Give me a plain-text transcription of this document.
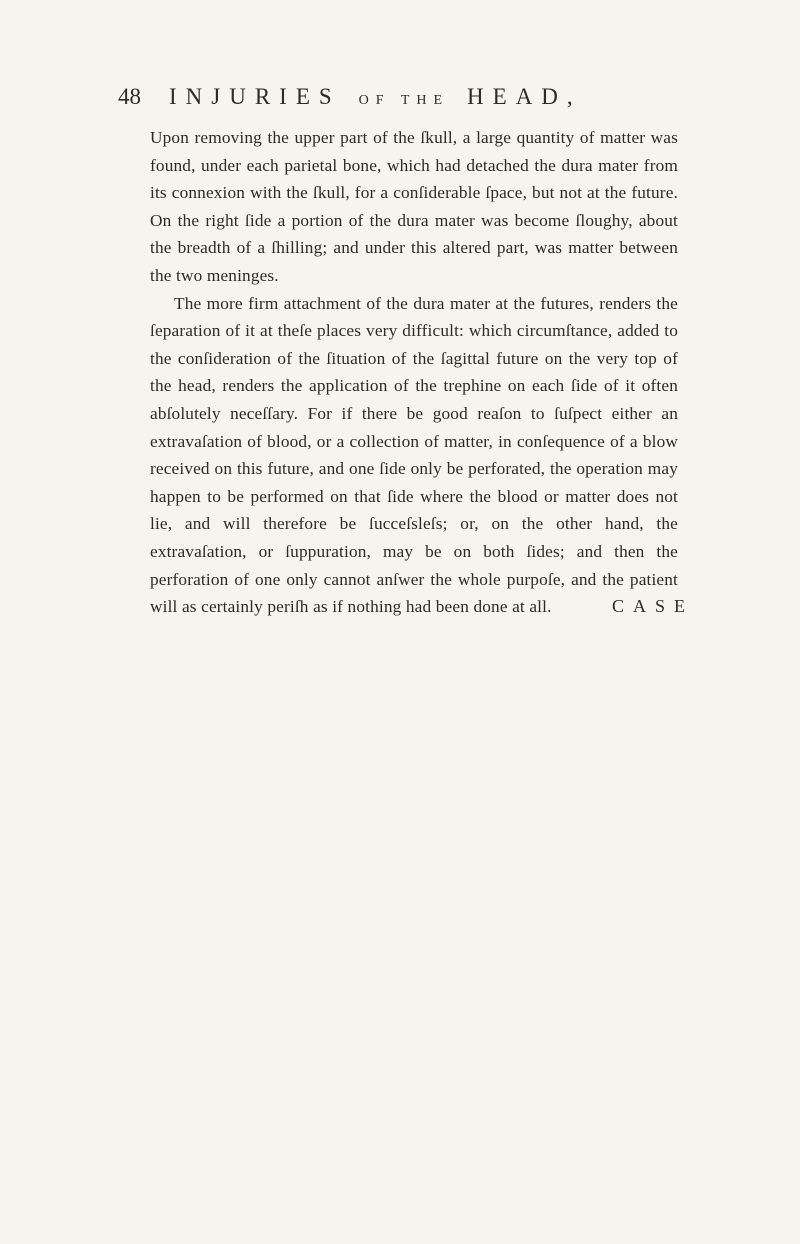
48 INJURIES OF THE HEAD,

Upon removing the upper part of the ſkull, a large quantity of matter was found, under each parietal bone, which had detached the dura mater from its connexion with the ſkull, for a conſiderable ſpace, but not at the future. On the right ſide a portion of the dura mater was become ſloughy, about the breadth of a ſhilling; and under this altered part, was matter between the two meninges.

The more firm attachment of the dura mater at the futures, renders the ſeparation of it at theſe places very difficult: which circumſtance, added to the conſideration of the ſituation of the ſagittal future on the very top of the head, renders the application of the trephine on each ſide of it often abſolutely neceſſary. For if there be good reaſon to ſuſpect either an extravaſation of blood, or a collection of matter, in conſequence of a blow received on this future, and one ſide only be perforated, the operation may happen to be performed on that ſide where the blood or matter does not lie, and will therefore be ſucceſsleſs; or, on the other hand, the extravaſation, or ſuppuration, may be on both ſides; and then the perforation of one only cannot anſwer the whole purpoſe, and the patient will as certainly periſh as if nothing had been done at all.	CASE
